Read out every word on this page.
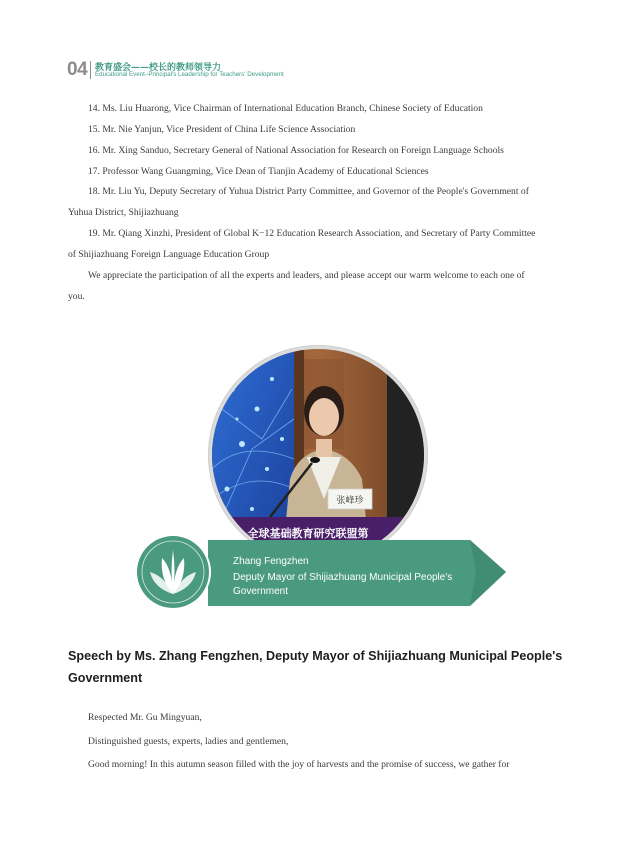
04 教育盛会——校长的教师领导力
Educational Event–Principal's Leadership for Teachers' Development

14. Ms. Liu Huarong, Vice Chairman of International Education Branch, Chinese Society of Education

15. Mr. Nie Yanjun, Vice President of China Life Science Association

16. Mr. Xing Sanduo, Secretary General of National Association for Research on Foreign Language Schools

17. Professor Wang Guangming, Vice Dean of Tianjin Academy of Educational Sciences

18. Mr. Liu Yu, Deputy Secretary of Yuhua District Party Committee, and Governor of the People's Government of
Yuhua District, Shijiazhuang

19. Mr. Qiang Xinzhi, President of Global K−12 Education Research Association, and Secretary of Party Committee
of Shijiazhuang Foreign Language Education Group

We appreciate the participation of all the experts and leaders, and please accept our warm welcome to each one of
you.

张峰珍
全球基础教育研究联盟第
Zhang Fengzhen
Deputy Mayor of Shijiazhuang Municipal People's
Government
Speech by Ms. Zhang Fengzhen, Deputy Mayor of Shijiazhuang Municipal People's
Government

Respected Mr. Gu Mingyuan,

Distinguished guests, experts, ladies and gentlemen,

Good morning! In this autumn season filled with the joy of harvests and the promise of success, we gather for
